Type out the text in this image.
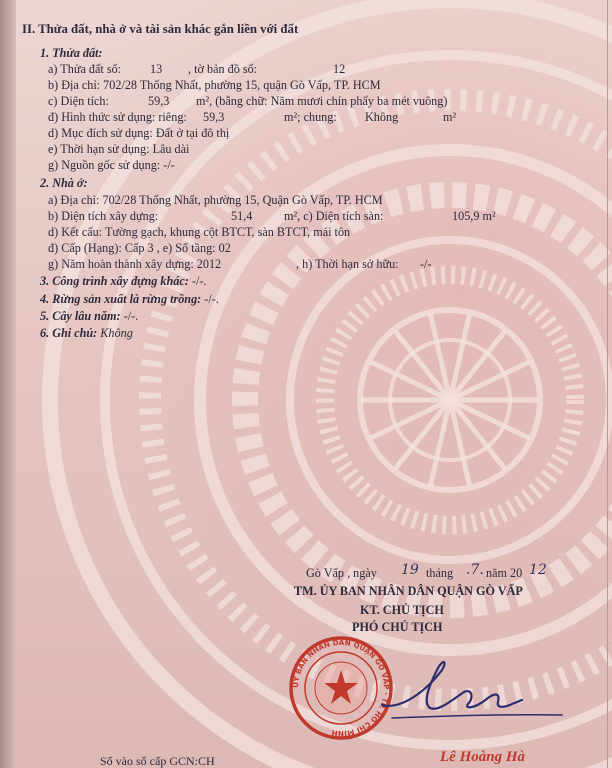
II. Thửa đất, nhà ở và tài sản khác gắn liền với đất
1. Thửa đất:
a) Thửa đất số: 13 , tờ bản đồ số:	12
b) Địa chỉ: 702/28 Thống Nhất, phường 15, quận Gò Vấp, TP. HCM
c) Diện tích:	59,3 m², (bằng chữ: Năm mươi chín phẩy ba mét vuông)
đ) Hình thức sử dụng: riêng: 59,3	m²; chung: Không	m²
d) Mục đích sử dụng: Đất ở tại đô thị
e) Thời hạn sử dụng: Lâu dài
g) Nguồn gốc sử dụng: -/-
2. Nhà ở:
a) Địa chỉ: 702/28 Thống Nhất, phường 15, Quận Gò Vấp, TP. HCM
b) Diện tích xây dựng:	51,4	m², c) Diện tích sàn:	105,9 m²
d) Kết cấu: Tường gạch, khung cột BTCT, sàn BTCT, mái tôn
đ) Cấp (Hạng): Cấp 3 , e) Số tầng: 02
g) Năm hoàn thành xây dựng: 2012	, h) Thời hạn sở hữu: -/-
3. Công trình xây dựng khác: -/-.
4. Rừng sản xuất là rừng trồng: -/-.
5. Cây lâu năm: -/-.
6. Ghi chú: Không
Gò Vấp , ngày 19 tháng .7. năm 20 12
TM. ỦY BAN NHÂN DÂN QUẬN GÒ VẤP
KT. CHỦ TỊCH
PHÓ CHỦ TỊCH
ỦY BAN NHÂN DÂN QUẬN GÒ VẤP · TP. HỒ CHÍ MINH
Lê Hoàng Hà
Số vào sổ cấp GCN:CH
